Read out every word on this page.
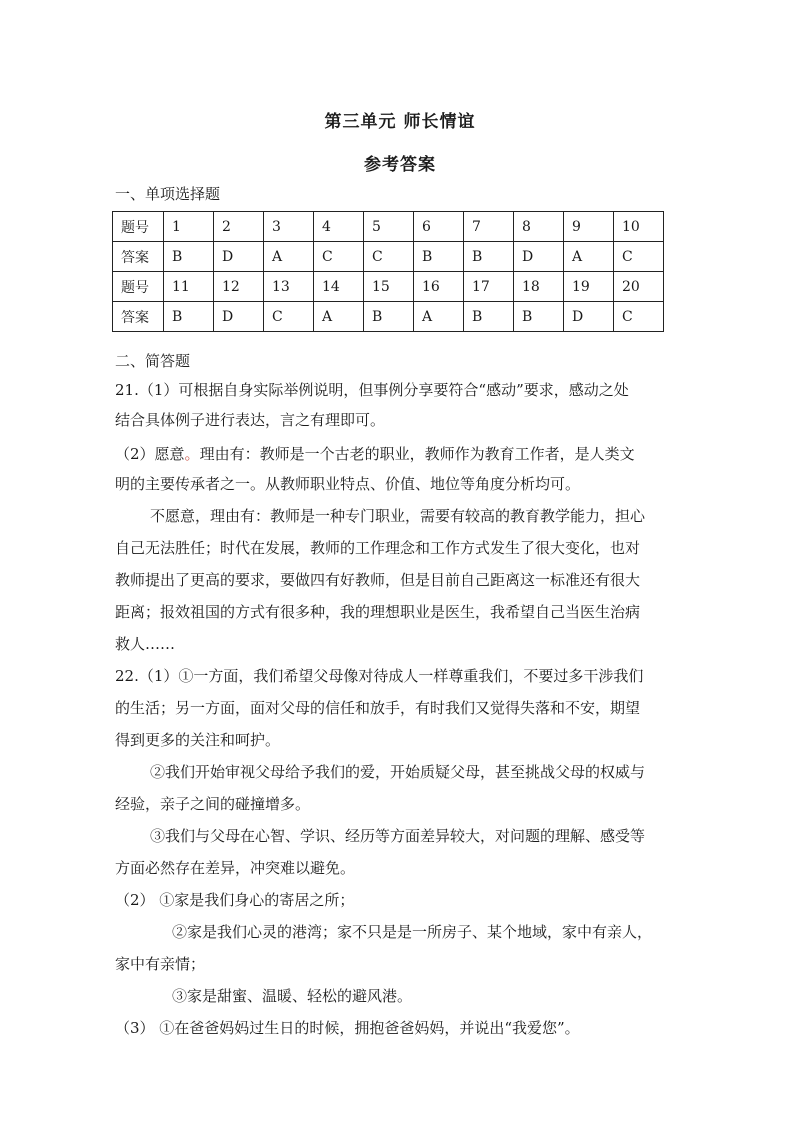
第三单元 师长情谊
参考答案
一、单项选择题
题号	1	2	3	4	5	6	7	8	9	10
答案	B	D	A	C	C	B	B	D	A	C
题号	11	12	13	14	15	16	17	18	19	20
答案	B	D	C	A	B	A	B	B	D	C
二、简答题
21.（1）可根据自身实际举例说明，但事例分享要符合“感动”要求，感动之处
结合具体例子进行表达，言之有理即可。
（2）愿意。理由有：教师是一个古老的职业，教师作为教育工作者，是人类文
明的主要传承者之一。从教师职业特点、价值、地位等角度分析均可。
不愿意，理由有：教师是一种专门职业，需要有较高的教育教学能力，担心
自己无法胜任；时代在发展，教师的工作理念和工作方式发生了很大变化，也对
教师提出了更高的要求，要做四有好教师，但是目前自己距离这一标准还有很大
距离；报效祖国的方式有很多种，我的理想职业是医生，我希望自己当医生治病
救人……
22.（1）①一方面，我们希望父母像对待成人一样尊重我们，不要过多干涉我们
的生活；另一方面，面对父母的信任和放手，有时我们又觉得失落和不安，期望
得到更多的关注和呵护。
②我们开始审视父母给予我们的爱，开始质疑父母，甚至挑战父母的权威与
经验，亲子之间的碰撞增多。
③我们与父母在心智、学识、经历等方面差异较大，对问题的理解、感受等
方面必然存在差异，冲突难以避免。
（2） ①家是我们身心的寄居之所；
②家是我们心灵的港湾；家不只是是一所房子、某个地域，家中有亲人，
家中有亲情；
③家是甜蜜、温暖、轻松的避风港。
（3） ①在爸爸妈妈过生日的时候，拥抱爸爸妈妈，并说出“我爱您”。
